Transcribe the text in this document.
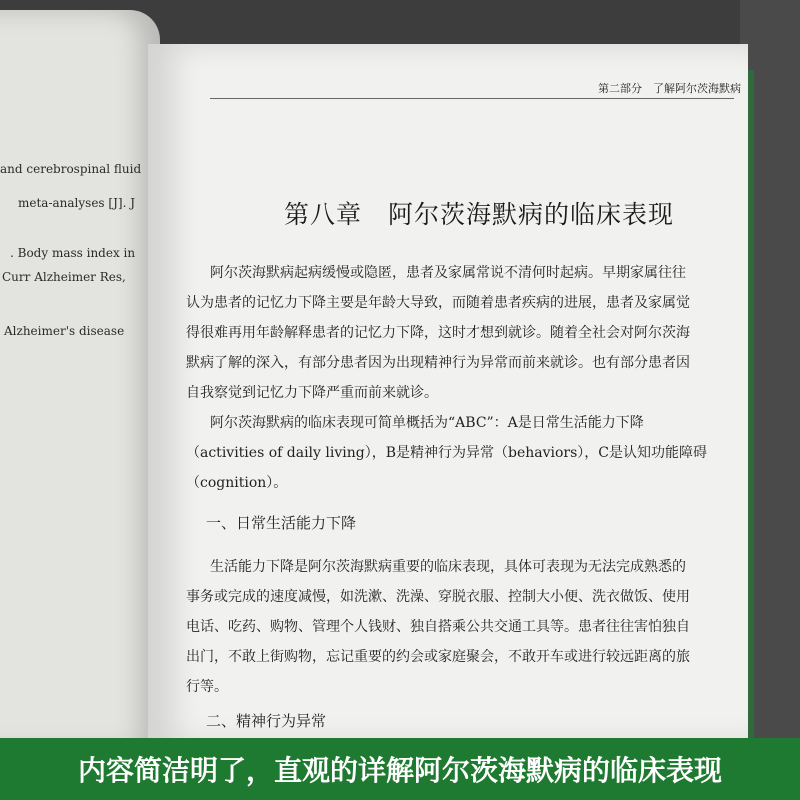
and cerebrospinal fluid
meta-analyses [J]. J
. Body mass index in
Curr Alzheimer Res,
Alzheimer's disease
第二部分　了解阿尔茨海默病
第八章　阿尔茨海默病的临床表现
阿尔茨海默病起病缓慢或隐匿，患者及家属常说不清何时起病。早期家属往往
认为患者的记忆力下降主要是年龄大导致，而随着患者疾病的进展，患者及家属觉
得很难再用年龄解释患者的记忆力下降，这时才想到就诊。随着全社会对阿尔茨海
默病了解的深入，有部分患者因为出现精神行为异常而前来就诊。也有部分患者因
自我察觉到记忆力下降严重而前来就诊。
阿尔茨海默病的临床表现可简单概括为“ABC”：A是日常生活能力下降
（activities of daily living），B是精神行为异常（behaviors），C是认知功能障碍
（cognition）。
一、日常生活能力下降
生活能力下降是阿尔茨海默病重要的临床表现，具体可表现为无法完成熟悉的
事务或完成的速度减慢，如洗漱、洗澡、穿脱衣服、控制大小便、洗衣做饭、使用
电话、吃药、购物、管理个人钱财、独自搭乘公共交通工具等。患者往往害怕独自
出门，不敢上街购物，忘记重要的约会或家庭聚会，不敢开车或进行较远距离的旅
行等。
二、精神行为异常
内容简洁明了，直观的详解阿尔茨海默病的临床表现
